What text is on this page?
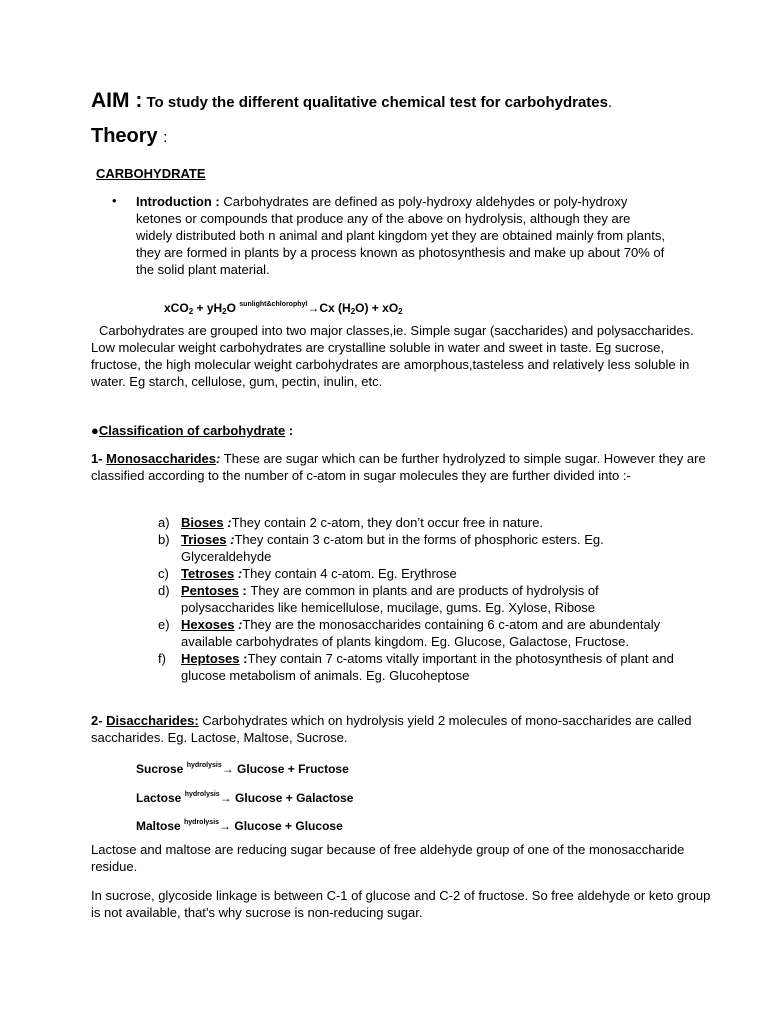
AIM : To study the different qualitative chemical test for carbohydrates.
Theory :
CARBOHYDRATE
• Introduction : Carbohydrates are defined as poly-hydroxy aldehydes or poly-hydroxy ketones or compounds that produce any of the above on hydrolysis, although they are widely distributed both n animal and plant kingdom yet they are obtained mainly from plants, they are formed in plants by a process known as photosynthesis and make up about 70% of the solid plant material.
$xCO_2 + yH_2O$ $^{sunlight\&chlorophyl}$→Cx $(H_2O) + xO_2$
Carbohydrates are grouped into two major classes,ie. Simple sugar (saccharides) and polysaccharides. Low molecular weight carbohydrates are crystalline soluble in water and sweet in taste. Eg sucrose, fructose, the high molecular weight carbohydrates are amorphous,tasteless and relatively less soluble in water. Eg starch, cellulose, gum, pectin, inulin, etc.
●Classification of carbohydrate :
1- Monosaccharides: These are sugar which can be further hydrolyzed to simple sugar. However they are classified according to the number of c-atom in sugar molecules they are further divided into :-
a) Bioses :They contain 2 c-atom, they don’t occur free in nature.
b) Trioses :They contain 3 c-atom but in the forms of phosphoric esters. Eg. Glyceraldehyde
c) Tetroses :They contain 4 c-atom. Eg. Erythrose
d) Pentoses : They are common in plants and are products of hydrolysis of polysaccharides like hemicellulose, mucilage, gums. Eg. Xylose, Ribose
e) Hexoses :They are the monosaccharides containing 6 c-atom and are abundentaly available carbohydrates of plants kingdom. Eg. Glucose, Galactose, Fructose.
f) Heptoses :They contain 7 c-atoms vitally important in the photosynthesis of plant and glucose metabolism of animals. Eg. Glucoheptose
2- Disaccharides: Carbohydrates which on hydrolysis yield 2 molecules of mono-saccharides are called saccharides. Eg. Lactose, Maltose, Sucrose.
Sucrose $^{hydrolysis}$→ Glucose + Fructose
Lactose $^{hydrolysis}$→ Glucose + Galactose
Maltose $^{hydrolysis}$→ Glucose + Glucose
Lactose and maltose are reducing sugar because of free aldehyde group of one of the monosaccharide residue.
In sucrose, glycoside linkage is between C-1 of glucose and C-2 of fructose. So free aldehyde or keto group is not available, that’s why sucrose is non-reducing sugar.
